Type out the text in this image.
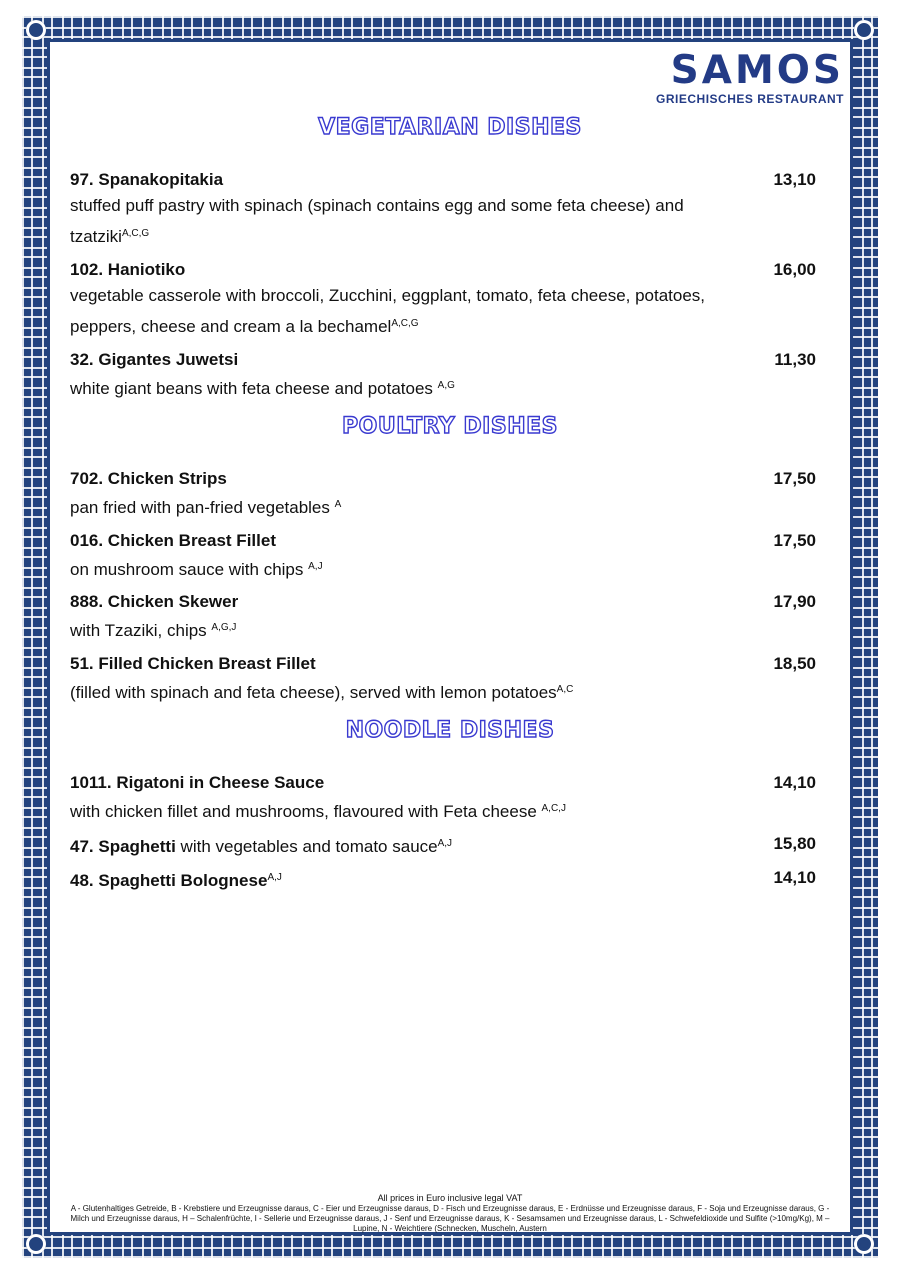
SAMOS
GRIECHISCHES RESTAURANT
VEGETARIAN DISHES
97. Spanakopitakia	13,10
stuffed puff pastry with spinach (spinach contains egg and some feta cheese) and tzatziki$^{A,C,G}$
102. Haniotiko	16,00
vegetable casserole with broccoli, Zucchini, eggplant, tomato, feta cheese, potatoes, peppers, cheese and cream a la bechamel$^{A,C,G}$
32. Gigantes Juwetsi	11,30
white giant beans with feta cheese and potatoes $^{A,G}$
POULTRY DISHES
702. Chicken Strips	17,50
pan fried with pan-fried vegetables $^A$
016. Chicken Breast Fillet	17,50
on mushroom sauce with chips $^{A,J}$
888. Chicken Skewer	17,90
with Tzaziki, chips $^{A,G,J}$
51. Filled Chicken Breast Fillet	18,50
(filled with spinach and feta cheese), served with lemon potatoes$^{A,C}$
NOODLE DISHES
1011. Rigatoni in Cheese Sauce	14,10
with chicken fillet and mushrooms, flavoured with Feta cheese $^{A,C,J}$
47. Spaghetti with vegetables and tomato sauce$^{A,J}$	15,80
48. Spaghetti Bolognese$^{A,J}$	14,10
All prices in Euro inclusive legal VAT
A - Glutenhaltiges Getreide, B - Krebstiere und Erzeugnisse daraus, C - Eier und Erzeugnisse daraus, D - Fisch und Erzeugnisse daraus, E - Erdnüsse und Erzeugnisse daraus, F - Soja und Erzeugnisse daraus, G - Milch und Erzeugnisse daraus, H – Schalenfrüchte, I - Sellerie und Erzeugnisse daraus, J - Senf und Erzeugnisse daraus, K - Sesamsamen und Erzeugnisse daraus, L - Schwefeldioxide und Sulfite (>10mg/Kg), M – Lupine, N - Weichtiere (Schnecken, Muscheln, Austern
